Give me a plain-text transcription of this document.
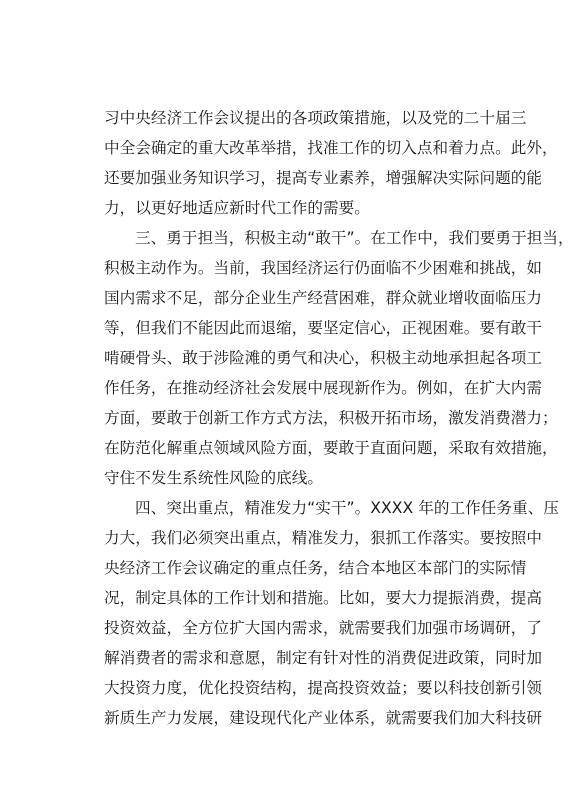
习中央经济工作会议提出的各项政策措施，以及党的二十届三
中全会确定的重大改革举措，找准工作的切入点和着力点。此外，
还要加强业务知识学习，提高专业素养，增强解决实际问题的能
力，以更好地适应新时代工作的需要。
三、勇于担当，积极主动“敢干”。在工作中，我们要勇于担当，
积极主动作为。当前，我国经济运行仍面临不少困难和挑战，如
国内需求不足，部分企业生产经营困难，群众就业增收面临压力
等，但我们不能因此而退缩，要坚定信心，正视困难。要有敢干
啃硬骨头、敢于涉险滩的勇气和决心，积极主动地承担起各项工
作任务，在推动经济社会发展中展现新作为。例如，在扩大内需
方面，要敢于创新工作方式方法，积极开拓市场，激发消费潜力；
在防范化解重点领域风险方面，要敢于直面问题，采取有效措施，
守住不发生系统性风险的底线。
四、突出重点，精准发力“实干”。XXXX 年的工作任务重、压
力大，我们必须突出重点，精准发力，狠抓工作落实。要按照中
央经济工作会议确定的重点任务，结合本地区本部门的实际情
况，制定具体的工作计划和措施。比如，要大力提振消费，提高
投资效益，全方位扩大国内需求，就需要我们加强市场调研，了
解消费者的需求和意愿，制定有针对性的消费促进政策，同时加
大投资力度，优化投资结构，提高投资效益；要以科技创新引领
新质生产力发展，建设现代化产业体系，就需要我们加大科技研
